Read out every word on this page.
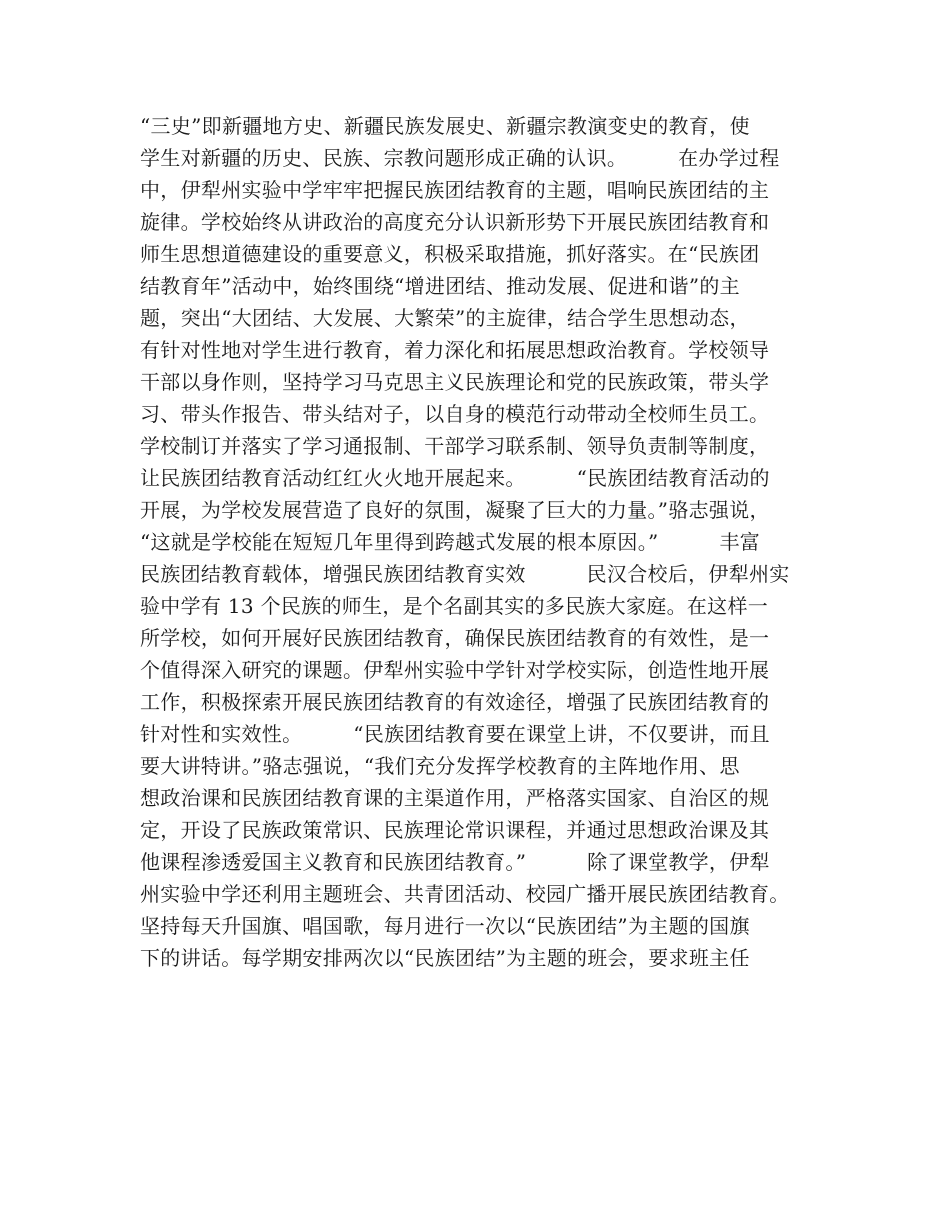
“三史”即新疆地方史、新疆民族发展史、新疆宗教演变史的教育，使
学生对新疆的历史、民族、宗教问题形成正确的认识。　　　在办学过程
中，伊犁州实验中学牢牢把握民族团结教育的主题，唱响民族团结的主
旋律。学校始终从讲政治的高度充分认识新形势下开展民族团结教育和
师生思想道德建设的重要意义，积极采取措施，抓好落实。在“民族团
结教育年”活动中，始终围绕“增进团结、推动发展、促进和谐”的主
题，突出“大团结、大发展、大繁荣”的主旋律，结合学生思想动态，
有针对性地对学生进行教育，着力深化和拓展思想政治教育。学校领导
干部以身作则，坚持学习马克思主义民族理论和党的民族政策，带头学
习、带头作报告、带头结对子，以自身的模范行动带动全校师生员工。
学校制订并落实了学习通报制、干部学习联系制、领导负责制等制度，
让民族团结教育活动红红火火地开展起来。　　　“民族团结教育活动的
开展，为学校发展营造了良好的氛围，凝聚了巨大的力量。”骆志强说，
“这就是学校能在短短几年里得到跨越式发展的根本原因。”　　　丰富
民族团结教育载体，增强民族团结教育实效　　　民汉合校后，伊犁州实
验中学有 13 个民族的师生，是个名副其实的多民族大家庭。在这样一
所学校，如何开展好民族团结教育，确保民族团结教育的有效性，是一
个值得深入研究的课题。伊犁州实验中学针对学校实际，创造性地开展
工作，积极探索开展民族团结教育的有效途径，增强了民族团结教育的
针对性和实效性。　　　“民族团结教育要在课堂上讲，不仅要讲，而且
要大讲特讲。”骆志强说，“我们充分发挥学校教育的主阵地作用、思
想政治课和民族团结教育课的主渠道作用，严格落实国家、自治区的规
定，开设了民族政策常识、民族理论常识课程，并通过思想政治课及其
他课程渗透爱国主义教育和民族团结教育。”　　　除了课堂教学，伊犁
州实验中学还利用主题班会、共青团活动、校园广播开展民族团结教育。
坚持每天升国旗、唱国歌，每月进行一次以“民族团结”为主题的国旗
下的讲话。每学期安排两次以“民族团结”为主题的班会，要求班主任
